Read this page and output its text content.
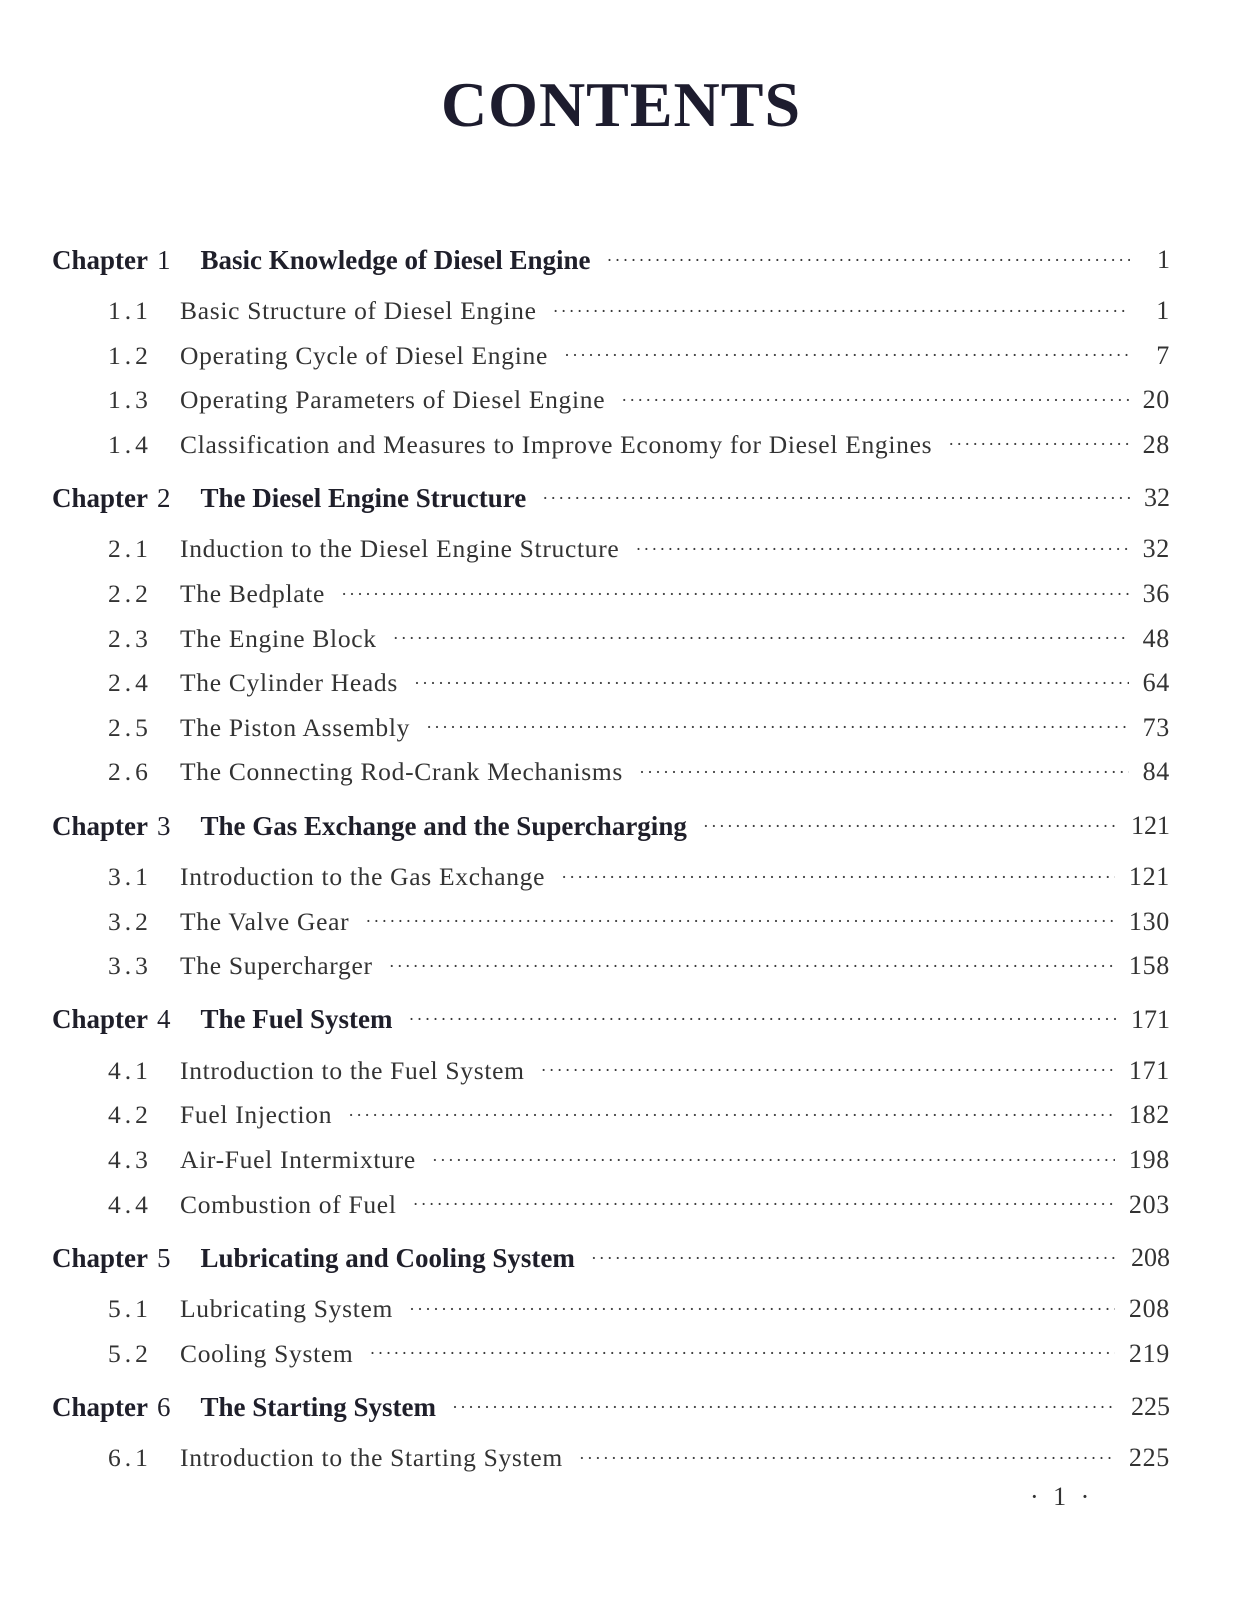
CONTENTS
Chapter 1 Basic Knowledge of Diesel Engine ·····	1
1.1	Basic Structure of Diesel Engine ·····	1
1.2	Operating Cycle of Diesel Engine ·····	7
1.3	Operating Parameters of Diesel Engine ·····	20
1.4	Classification and Measures to Improve Economy for Diesel Engines ·····	28
Chapter 2 The Diesel Engine Structure ·····	32
2.1	Induction to the Diesel Engine Structure ·····	32
2.2	The Bedplate ·····	36
2.3	The Engine Block ·····	48
2.4	The Cylinder Heads ·····	64
2.5	The Piston Assembly ·····	73
2.6	The Connecting Rod-Crank Mechanisms ·····	84
Chapter 3 The Gas Exchange and the Supercharging ·····	121
3.1	Introduction to the Gas Exchange ·····	121
3.2	The Valve Gear ·····	130
3.3	The Supercharger ·····	158
Chapter 4 The Fuel System ·····	171
4.1	Introduction to the Fuel System ·····	171
4.2	Fuel Injection ·····	182
4.3	Air-Fuel Intermixture ·····	198
4.4	Combustion of Fuel ·····	203
Chapter 5 Lubricating and Cooling System ·····	208
5.1	Lubricating System ·····	208
5.2	Cooling System ·····	219
Chapter 6 The Starting System ·····	225
6.1	Introduction to the Starting System ·····	225
· 1 ·
